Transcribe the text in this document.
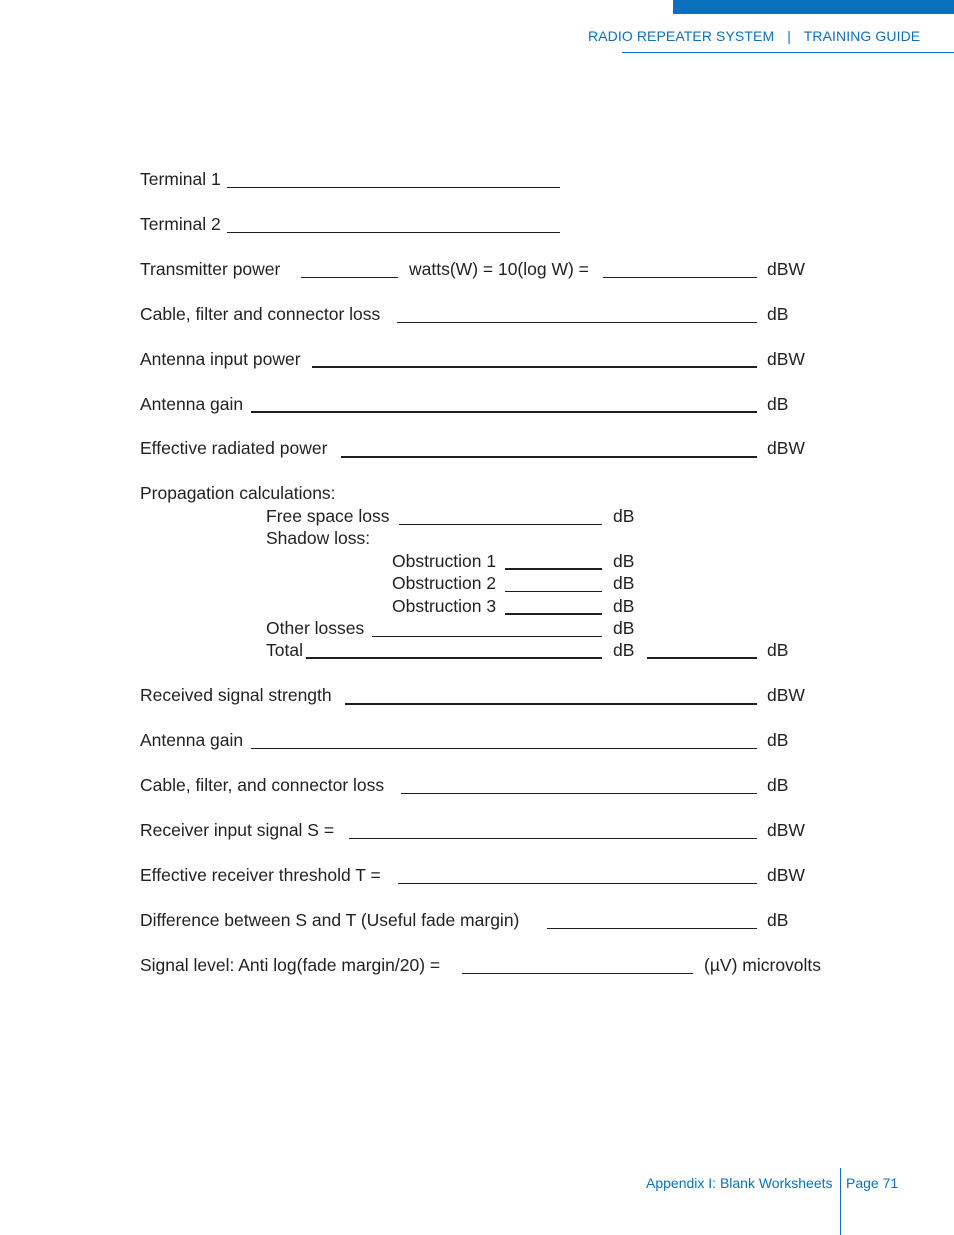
RADIO REPEATER SYSTEM | TRAINING GUIDE
Terminal 1
Terminal 2
Transmitter power	watts(W) = 10(log W) =	dBW
Cable, filter and connector loss	dB
Antenna input power	dBW
Antenna gain	dB
Effective radiated power	dBW
Propagation calculations:
Free space loss	dB
Shadow loss:
Obstruction 1	dB
Obstruction 2	dB
Obstruction 3	dB
Other losses	dB
Total	dB	dB
Received signal strength	dBW
Antenna gain	dB
Cable, filter, and connector loss	dB
Receiver input signal S =	dBW
Effective receiver threshold T =	dBW
Difference between S and T (Useful fade margin)	dB
Signal level: Anti log(fade margin/20) =	(µV) microvolts
Appendix I: Blank Worksheets Page 71
